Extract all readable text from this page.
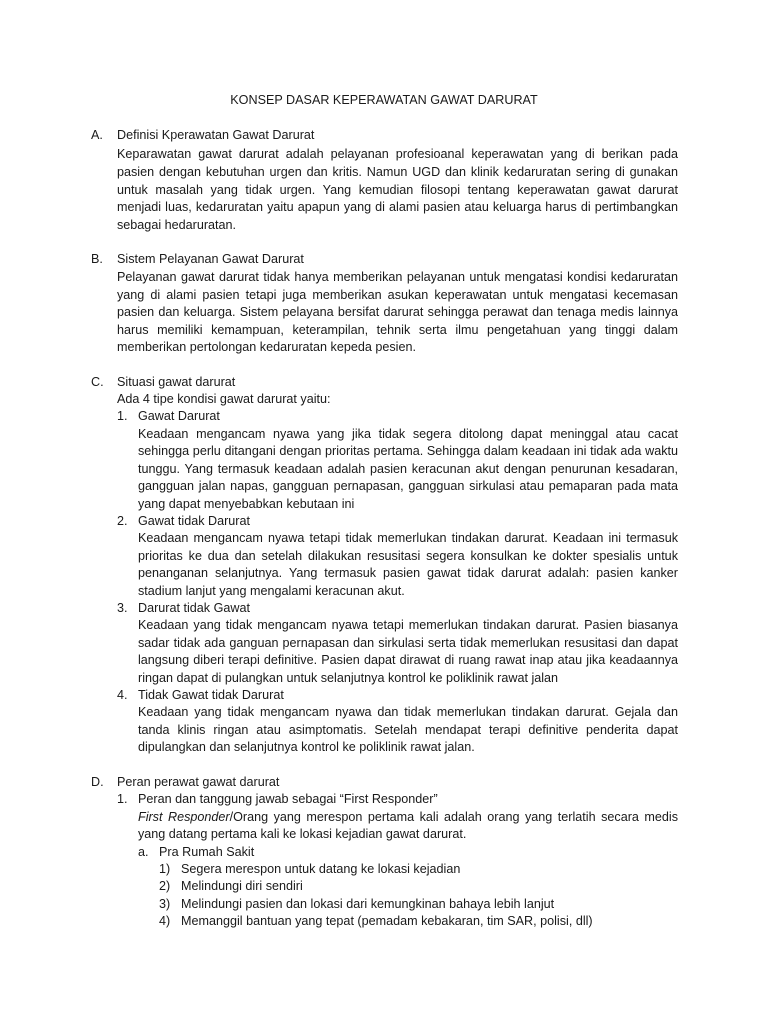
KONSEP DASAR KEPERAWATAN GAWAT DARURAT
A. Definisi Kperawatan Gawat Darurat
Keparawatan gawat darurat adalah pelayanan profesioanal keperawatan yang di berikan pada
pasien dengan kebutuhan urgen dan kritis. Namun UGD dan klinik kedaruratan sering di gunakan
untuk masalah yang tidak urgen. Yang kemudian filosopi tentang keperawatan gawat darurat
menjadi luas, kedaruratan yaitu apapun yang di alami pasien atau keluarga harus di pertimbangkan
sebagai hedaruratan.
B. Sistem Pelayanan Gawat Darurat
Pelayanan gawat darurat tidak hanya memberikan pelayanan untuk mengatasi kondisi kedaruratan
yang di alami pasien tetapi juga memberikan asukan keperawatan untuk mengatasi kecemasan
pasien dan keluarga. Sistem pelayana bersifat darurat sehingga perawat dan tenaga medis lainnya
harus memiliki kemampuan, keterampilan, tehnik serta ilmu pengetahuan yang tinggi dalam
memberikan pertolongan kedaruratan kepeda pesien.
C. Situasi gawat darurat
Ada 4 tipe kondisi gawat darurat yaitu:
1. Gawat Darurat
Keadaan mengancam nyawa yang jika tidak segera ditolong dapat meninggal atau cacat
sehingga perlu ditangani dengan prioritas pertama. Sehingga dalam keadaan ini tidak ada waktu
tunggu. Yang termasuk keadaan adalah pasien keracunan akut dengan penurunan kesadaran,
gangguan jalan napas, gangguan pernapasan, gangguan sirkulasi atau pemaparan pada mata
yang dapat menyebabkan kebutaan ini
2. Gawat tidak Darurat
Keadaan mengancam nyawa tetapi tidak memerlukan tindakan darurat. Keadaan ini termasuk
prioritas ke dua dan setelah dilakukan resusitasi segera konsulkan ke dokter spesialis untuk
penanganan selanjutnya. Yang termasuk pasien gawat tidak darurat adalah: pasien kanker
stadium lanjut yang mengalami keracunan akut.
3. Darurat tidak Gawat
Keadaan yang tidak mengancam nyawa tetapi memerlukan tindakan darurat. Pasien biasanya
sadar tidak ada ganguan pernapasan dan sirkulasi serta tidak memerlukan resusitasi dan dapat
langsung diberi terapi definitive. Pasien dapat dirawat di ruang rawat inap atau jika keadaannya
ringan dapat di pulangkan untuk selanjutnya kontrol ke poliklinik rawat jalan
4. Tidak Gawat tidak Darurat
Keadaan yang tidak mengancam nyawa dan tidak memerlukan tindakan darurat. Gejala dan
tanda klinis ringan atau asimptomatis. Setelah mendapat terapi definitive penderita dapat
dipulangkan dan selanjutnya kontrol ke poliklinik rawat jalan.
D. Peran perawat gawat darurat
1. Peran dan tanggung jawab sebagai “First Responder”
First Responder/Orang yang merespon pertama kali adalah orang yang terlatih secara medis
yang datang pertama kali ke lokasi kejadian gawat darurat.
a. Pra Rumah Sakit
1) Segera merespon untuk datang ke lokasi kejadian
2) Melindungi diri sendiri
3) Melindungi pasien dan lokasi dari kemungkinan bahaya lebih lanjut
4) Memanggil bantuan yang tepat (pemadam kebakaran, tim SAR, polisi, dll)
